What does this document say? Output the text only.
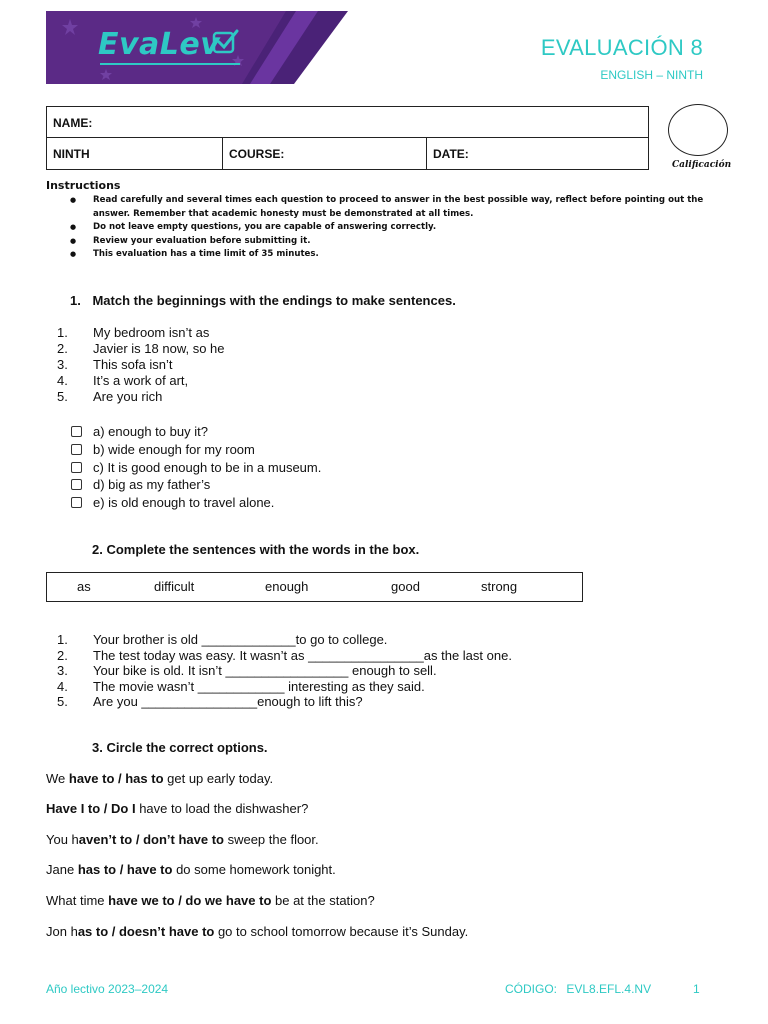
EvaLev	EVALUACIÓN 8
ENGLISH – NINTH
NAME:
NINTH	COURSE:	DATE:
Calificación
Instructions
● Read carefully and several times each question to proceed to answer in the best possible way, reflect before pointing out the answer. Remember that academic honesty must be demonstrated at all times.
● Do not leave empty questions, you are capable of answering correctly.
● Review your evaluation before submitting it.
● This evaluation has a time limit of 35 minutes.
1. Match the beginnings with the endings to make sentences.
1. My bedroom isn’t as
2. Javier is 18 now, so he
3. This sofa isn’t
4. It’s a work of art,
5. Are you rich
a) enough to buy it?
b) wide enough for my room
c) It is good enough to be in a museum.
d) big as my father’s
e) is old enough to travel alone.
2. Complete the sentences with the words in the box.
as	difficult	enough	good	strong
1. Your brother is old _____________to go to college.
2. The test today was easy. It wasn’t as ________________as the last one.
3. Your bike is old. It isn’t _________________ enough to sell.
4. The movie wasn’t ____________ interesting as they said.
5. Are you ________________enough to lift this?
3. Circle the correct options.
We have to / has to get up early today.
Have I to / Do I have to load the dishwasher?
You haven’t to / don’t have to sweep the floor.
Jane has to / have to do some homework tonight.
What time have we to / do we have to be at the station?
Jon has to / doesn’t have to go to school tomorrow because it’s Sunday.
Año lectivo 2023–2024	CÓDIGO: EVL8.EFL.4.NV	1
